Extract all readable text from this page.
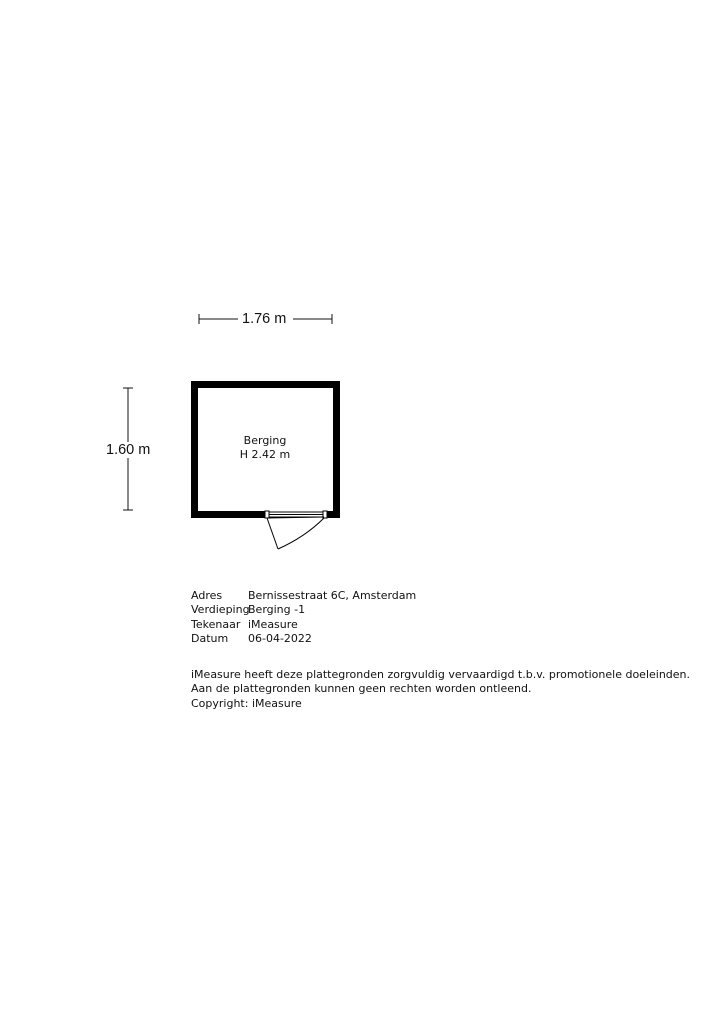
1.76 m
1.60 m
Berging
H 2.42 m
Adres	Bernissestraat 6C, Amsterdam
Verdieping
Berging -1
Tekenaar iMeasure
Datum	06-04-2022
iMeasure heeft deze plattegronden zorgvuldig vervaardigd t.b.v. promotionele doeleinden.
Aan de plattegronden kunnen geen rechten worden ontleend.
Copyright: iMeasure
